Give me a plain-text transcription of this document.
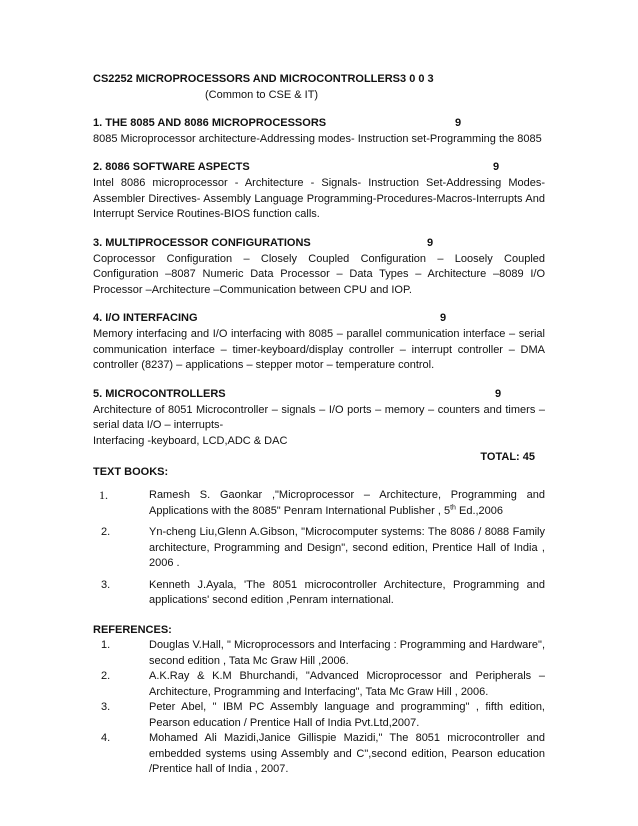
CS2252 MICROPROCESSORS AND MICROCONTROLLERS3 0 0 3
(Common to CSE & IT)
1. THE 8085 AND 8086 MICROPROCESSORS	9
8085 Microprocessor architecture-Addressing modes- Instruction set-Programming the 8085
2. 8086 SOFTWARE ASPECTS	9
Intel 8086 microprocessor - Architecture - Signals- Instruction Set-Addressing Modes-Assembler Directives- Assembly Language Programming-Procedures-Macros-Interrupts And Interrupt Service Routines-BIOS function calls.
3. MULTIPROCESSOR CONFIGURATIONS	9
Coprocessor Configuration – Closely Coupled Configuration – Loosely Coupled Configuration –8087 Numeric Data Processor – Data Types – Architecture –8089 I/O Processor –Architecture –Communication between CPU and IOP.
4. I/O INTERFACING	9
Memory interfacing and I/O interfacing with 8085 – parallel communication interface – serial communication interface – timer-keyboard/display controller – interrupt controller – DMA controller (8237) – applications – stepper motor – temperature control.
5. MICROCONTROLLERS	9
Architecture of 8051 Microcontroller – signals – I/O ports – memory – counters and timers – serial data I/O – interrupts-
Interfacing -keyboard, LCD,ADC & DAC
TOTAL: 45
TEXT BOOKS:
1.	Ramesh S. Gaonkar ,"Microprocessor – Architecture, Programming and Applications with the 8085" Penram International Publisher , 5th Ed.,2006
2.	Yn-cheng Liu,Glenn A.Gibson, "Microcomputer systems: The 8086 / 8088 Family architecture, Programming and Design", second edition, Prentice Hall of India , 2006 .
3.	Kenneth J.Ayala, 'The 8051 microcontroller Architecture, Programming and applications' second edition ,Penram international.
REFERENCES:
1.	Douglas V.Hall, " Microprocessors and Interfacing : Programming and Hardware", second edition , Tata Mc Graw Hill ,2006.
2.	A.K.Ray & K.M Bhurchandi, "Advanced Microprocessor and Peripherals – Architecture, Programming and Interfacing", Tata Mc Graw Hill , 2006.
3.	Peter Abel, " IBM PC Assembly language and programming" , fifth edition, Pearson education / Prentice Hall of India Pvt.Ltd,2007.
4.	Mohamed Ali Mazidi,Janice Gillispie Mazidi," The 8051 microcontroller and embedded systems using Assembly and C",second edition, Pearson education /Prentice hall of India , 2007.
